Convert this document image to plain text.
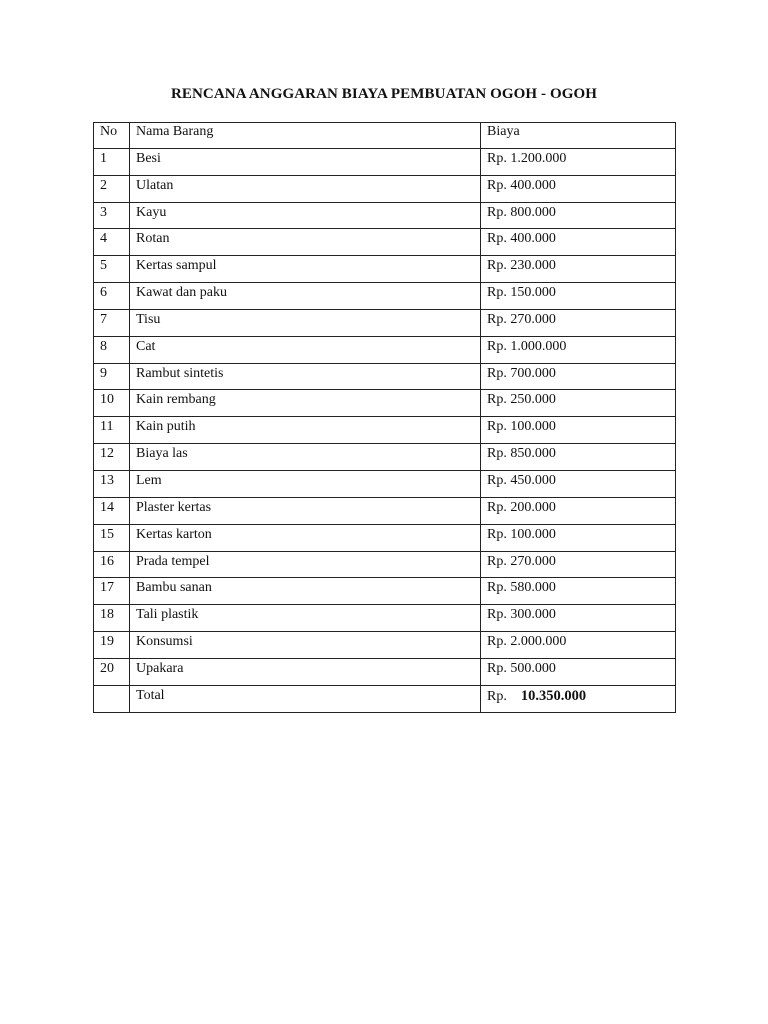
RENCANA ANGGARAN BIAYA PEMBUATAN OGOH - OGOH
No	Nama Barang	Biaya
1	Besi	Rp. 1.200.000
2	Ulatan	Rp. 400.000
3	Kayu	Rp. 800.000
4	Rotan	Rp. 400.000
5	Kertas sampul	Rp. 230.000
6	Kawat dan paku	Rp. 150.000
7	Tisu	Rp. 270.000
8	Cat	Rp. 1.000.000
9	Rambut sintetis	Rp. 700.000
10	Kain rembang	Rp. 250.000
11	Kain putih	Rp. 100.000
12	Biaya las	Rp. 850.000
13	Lem	Rp. 450.000
14	Plaster kertas	Rp. 200.000
15	Kertas karton	Rp. 100.000
16	Prada tempel	Rp. 270.000
17	Bambu sanan	Rp. 580.000
18	Tali plastik	Rp. 300.000
19	Konsumsi	Rp. 2.000.000
20	Upakara	Rp. 500.000
	Total	Rp. 10.350.000
